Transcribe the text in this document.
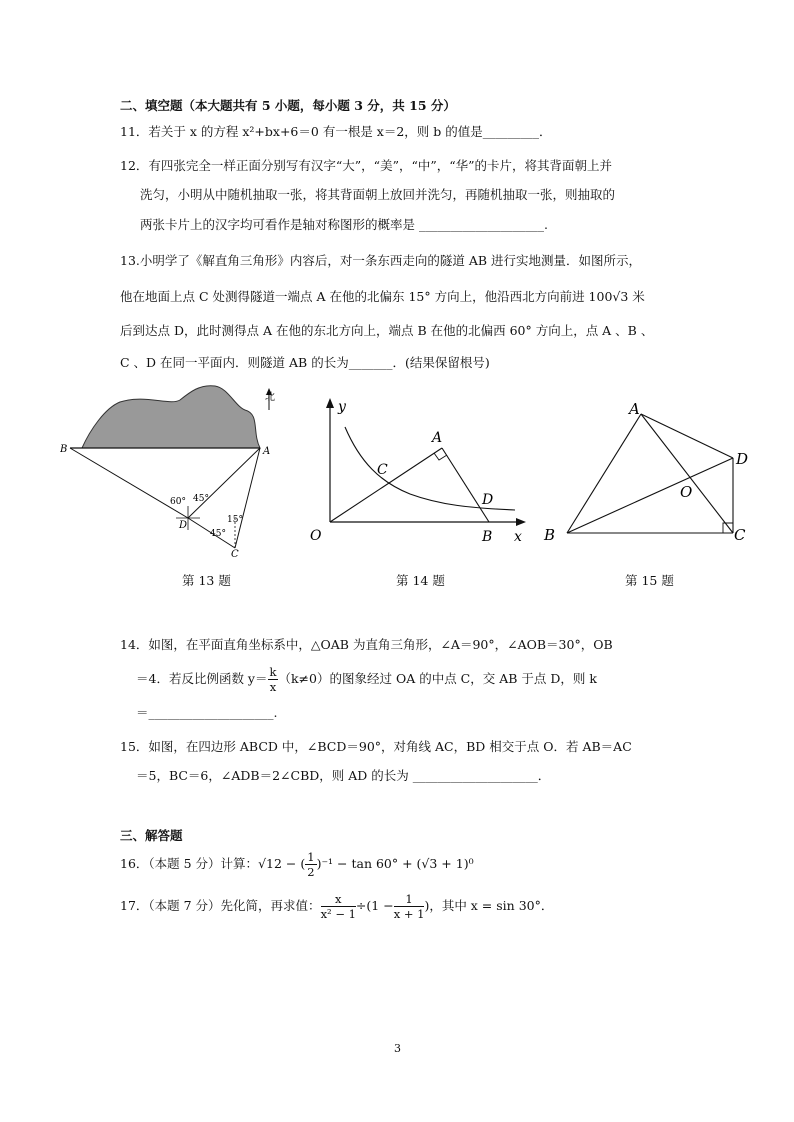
二、填空题（本大题共有 5 小题，每小题 3 分，共 15 分）
11．若关于 x 的方程 x²+bx+6＝0 有一根是 x＝2，则 b 的值是_________．
12．有四张完全一样正面分别写有汉字“大”，“美”，“中”，“华”的卡片，将其背面朝上并
洗匀，小明从中随机抽取一张，将其背面朝上放回并洗匀，再随机抽取一张，则抽取的
两张卡片上的汉字均可看作是轴对称图形的概率是 ____________________.
13.小明学了《解直角三角形》内容后，对一条东西走向的隧道 AB 进行实地测量．如图所示，
他在地面上点 C 处测得隧道一端点 A 在他的北偏东 15° 方向上，他沿西北方向前进 100√3 米
后到达点 D，此时测得点 A 在他的东北方向上，端点 B 在他的北偏西 60° 方向上，点 A 、B 、
C 、D 在同一平面内．则隧道 AB 的长为_______．(结果保留根号)
北
B	A
D
C
60° 45°
15°
45°
第 13 题
y
x
O
A
B
C
D
第 14 题
A
B	C
D
O
第 15 题
14．如图，在平面直角坐标系中，△OAB 为直角三角形，∠A＝90°，∠AOB＝30°，OB
＝4．若反比例函数 $y= \frac{k}{x} (k\ne 0)$的图象经过 OA 的中点 C，交 AB 于点 D，则 k
＝____________________.
15．如图，在四边形 ABCD 中，∠BCD＝90°，对角线 AC，BD 相交于点 O．若 AB＝AC
＝5，BC＝6，∠ADB＝2∠CBD，则 AD 的长为 ____________________．
三、解答题
16．（本题 5 分）计算：√12 − ( $\frac{1}{2} )^{-1} - \tan 60^\circ + (√3 + 1)^0$
17．（本题 7 分）先化简，再求值： $\frac{x}{\text{x² − 1}} \div(1 - \frac{1}{x + 1}$ )，其中 x = sin 30°．
3
